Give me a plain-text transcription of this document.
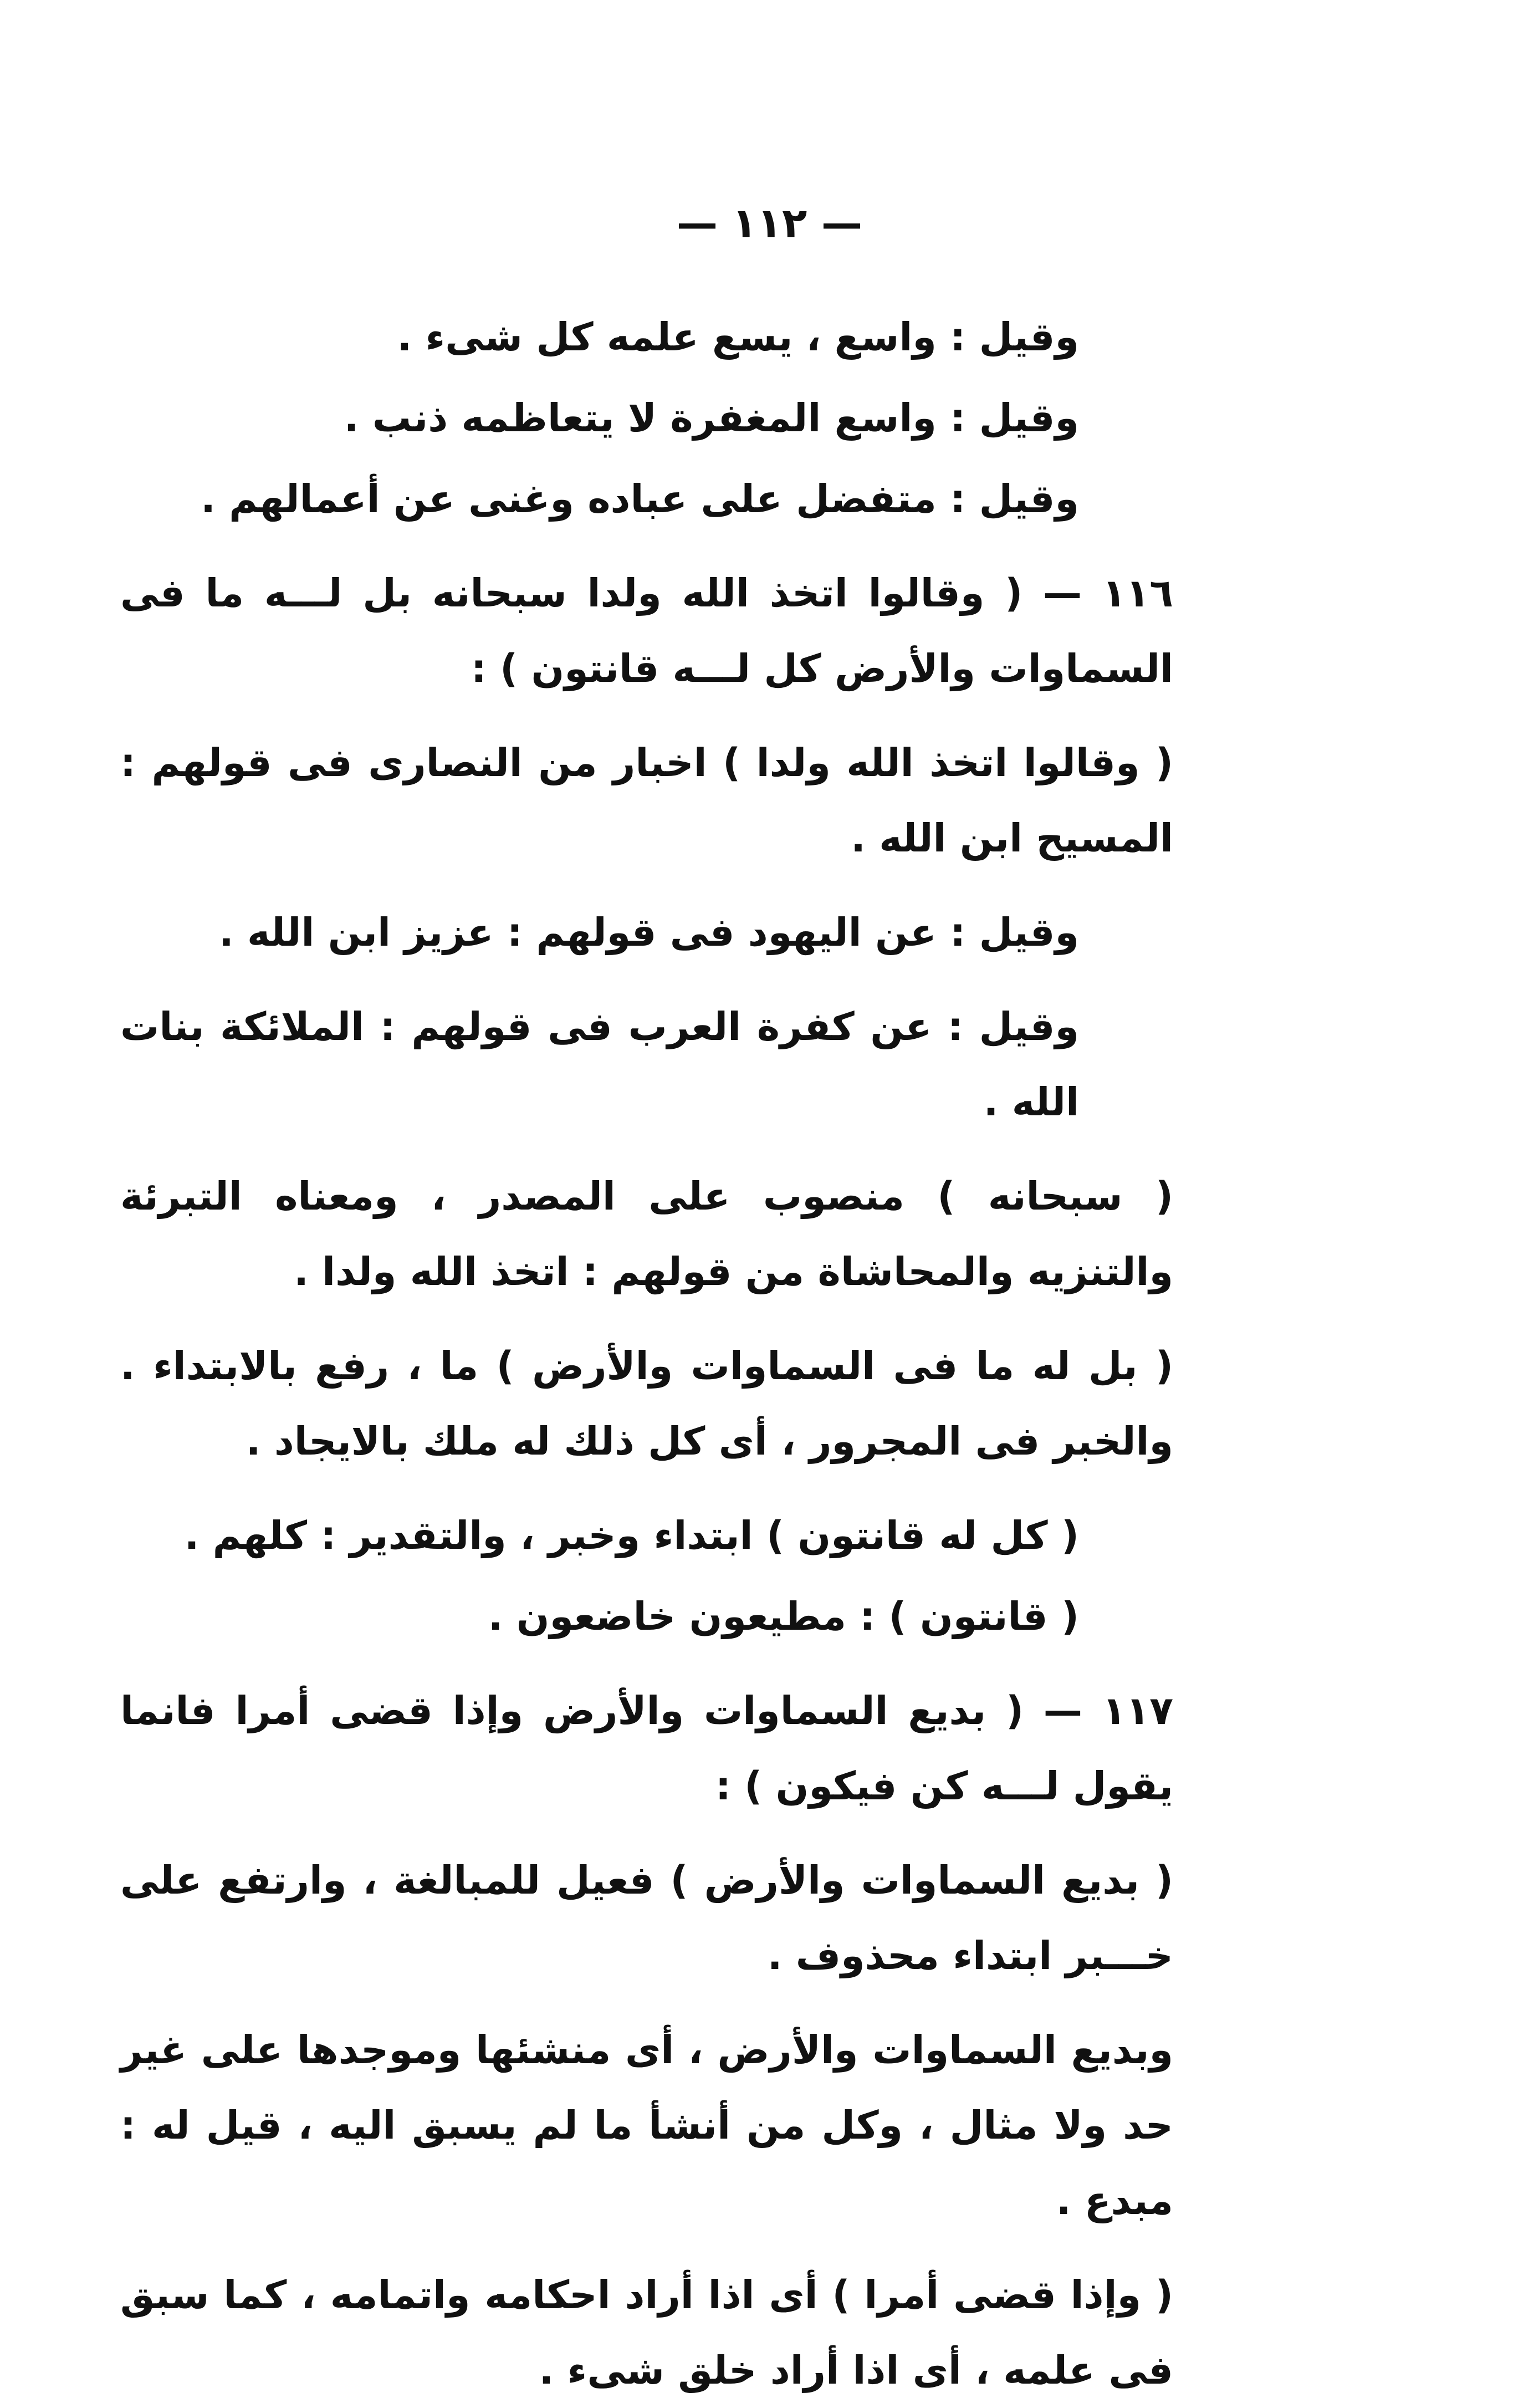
— ١١٢ —

وقيل : واسع ، يسع علمه كل شىء .

وقيل : واسع المغفرة لا يتعاظمه ذنب .

وقيل : متفضل على عباده وغنى عن أعمالهم .

١١٦ — ( وقالوا اتخذ الله ولدا سبحانه بل لـــه ما فى السماوات والأرض كل لـــه قانتون ) :

( وقالوا اتخذ الله ولدا ) اخبار من النصارى فى قولهم : المسيح ابن الله .

وقيل : عن اليهود فى قولهم : عزيز ابن الله .

وقيل : عن كفرة العرب فى قولهم : الملائكة بنات الله .

( سبحانه ) منصوب على المصدر ، ومعناه التبرئة والتنزيه والمحاشاة من قولهم : اتخذ الله ولدا .

( بل له ما فى السماوات والأرض ) ما ، رفع بالابتداء . والخبر فى المجرور ، أى كل ذلك له ملك بالايجاد .

( كل له قانتون ) ابتداء وخبر ، والتقدير : كلهم .

( قانتون ) : مطيعون خاضعون .

١١٧ — ( بديع السماوات والأرض وإذا قضى أمرا فانما يقول لـــه كن فيكون ) :

( بديع السماوات والأرض ) فعيل للمبالغة ، وارتفع على خـــبر ابتداء محذوف .

وبديع السماوات والأرض ، أى منشئها وموجدها على غير حد ولا مثال ، وكل من أنشأ ما لم يسبق اليه ، قيل له : مبدع .

( وإذا قضى أمرا ) أى اذا أراد احكامه واتمامه ، كما سبق فى علمه ، أى اذا أراد خلق شىء .
